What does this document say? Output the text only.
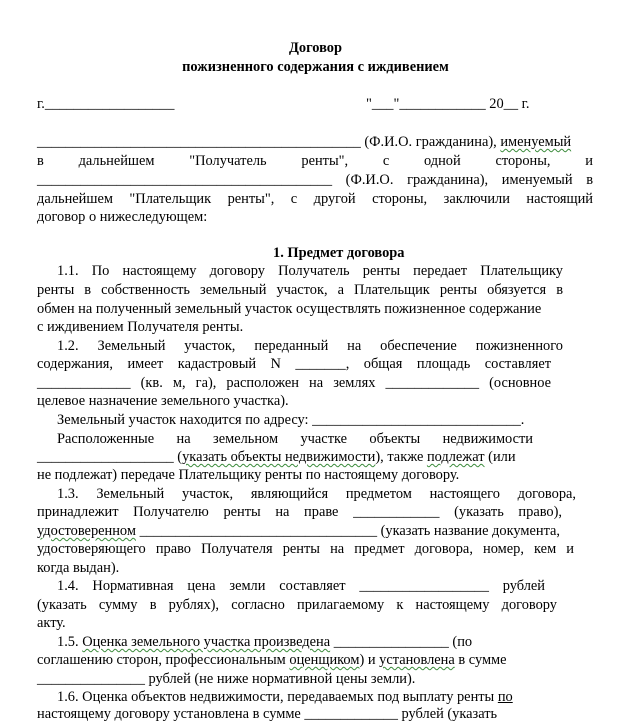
Договор
пожизненного содержания с иждивением
г.__________________	"___"____________ 20__ г.
_____________________________________________ (Ф.И.О. гражданина), именуемый
в дальнейшем "Получатель ренты", с одной стороны, и
_________________________________________ (Ф.И.О. гражданина), именуемый в
дальнейшем "Плательщик ренты", с другой стороны, заключили настоящий
договор о нижеследующем:
1. Предмет договора
1.1. По настоящему договору Получатель ренты передает Плательщику
ренты в собственность земельный участок, а Плательщик ренты обязуется в
обмен на полученный земельный участок осуществлять пожизненное содержание
с иждивением Получателя ренты.
1.2. Земельный участок, переданный на обеспечение пожизненного
содержания, имеет кадастровый N _______, общая площадь составляет
_____________ (кв. м, га), расположен на землях _____________ (основное
целевое назначение земельного участка).
Земельный участок находится по адресу: _____________________________.
Расположенные на земельном участке объекты недвижимости
___________________ (указать объекты недвижимости), также подлежат (или
не подлежат) передаче Плательщику ренты по настоящему договору.
1.3. Земельный участок, являющийся предметом настоящего договора,
принадлежит Получателю ренты на праве ____________ (указать право),
удостоверенном _________________________________ (указать название документа,
удостоверяющего право Получателя ренты на предмет договора, номер, кем и
когда выдан).
1.4. Нормативная цена земли составляет __________________ рублей
(указать сумму в рублях), согласно прилагаемому к настоящему договору
акту.
1.5. Оценка земельного участка произведена ________________ (по
соглашению сторон, профессиональным оценщиком) и установлена в сумме
_______________ рублей (не ниже нормативной цены земли).
1.6. Оценка объектов недвижимости, передаваемых под выплату ренты по
настоящему договору установлена в сумме _____________ рублей (указать
